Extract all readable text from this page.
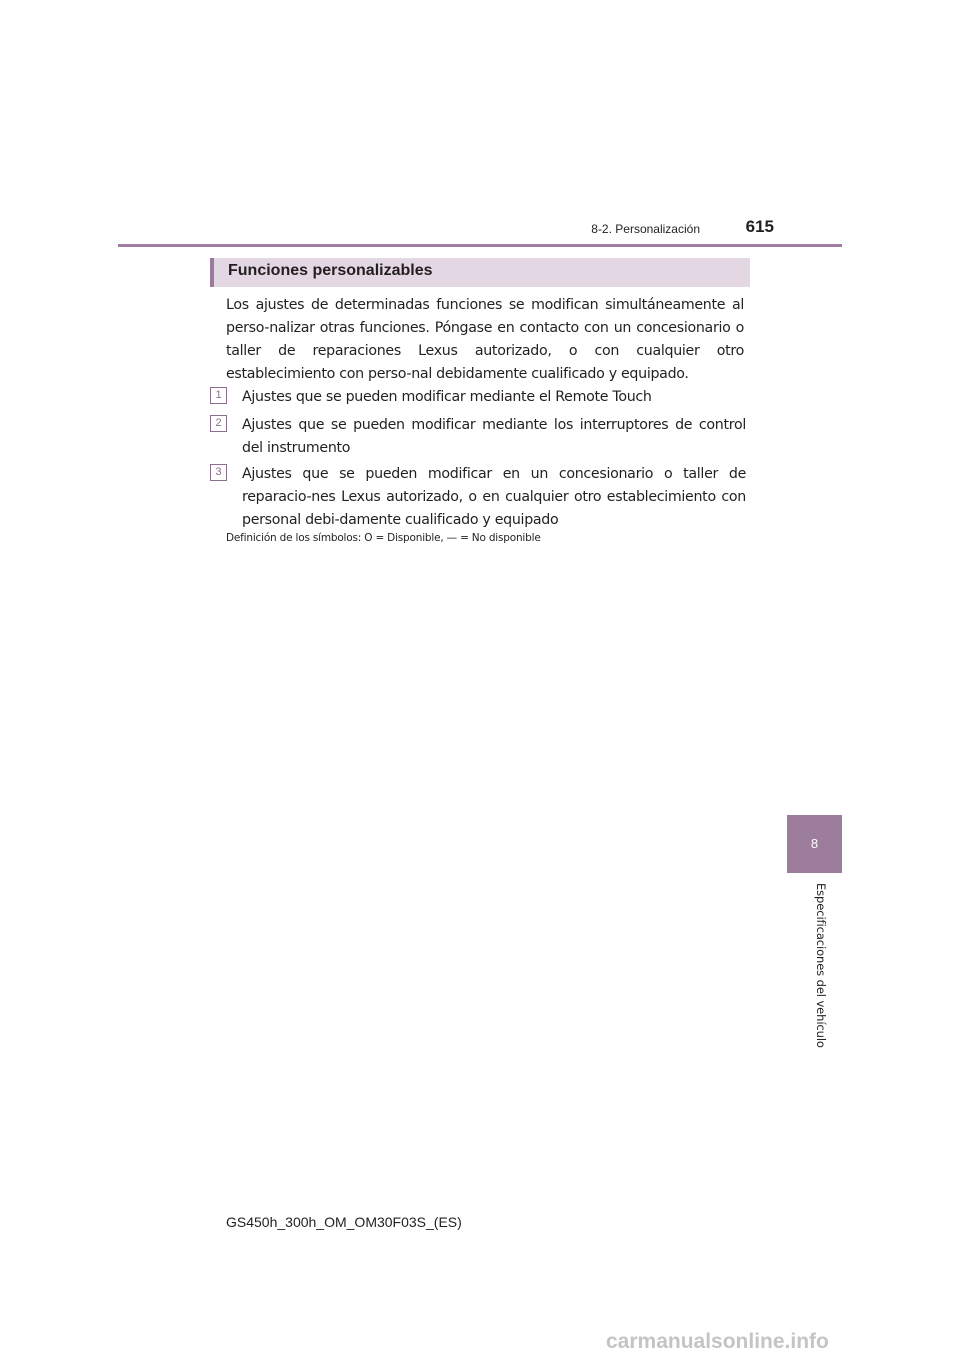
8-2. Personalización	615
Funciones personalizables

Los ajustes de determinadas funciones se modifican simultáneamente al perso-nalizar otras funciones. Póngase en contacto con un concesionario o taller de reparaciones Lexus autorizado, o con cualquier otro establecimiento con perso-nal debidamente cualificado y equipado.

1	Ajustes que se pueden modificar mediante el Remote Touch
2	Ajustes que se pueden modificar mediante los interruptores de control del instrumento
3	Ajustes que se pueden modificar en un concesionario o taller de reparacio-nes Lexus autorizado, o en cualquier otro establecimiento con personal debi-damente cualificado y equipado
Definición de los símbolos: O = Disponible, — = No disponible
8
Especificaciones del vehículo
GS450h_300h_OM_OM30F03S_(ES)
carmanualsonline.info
